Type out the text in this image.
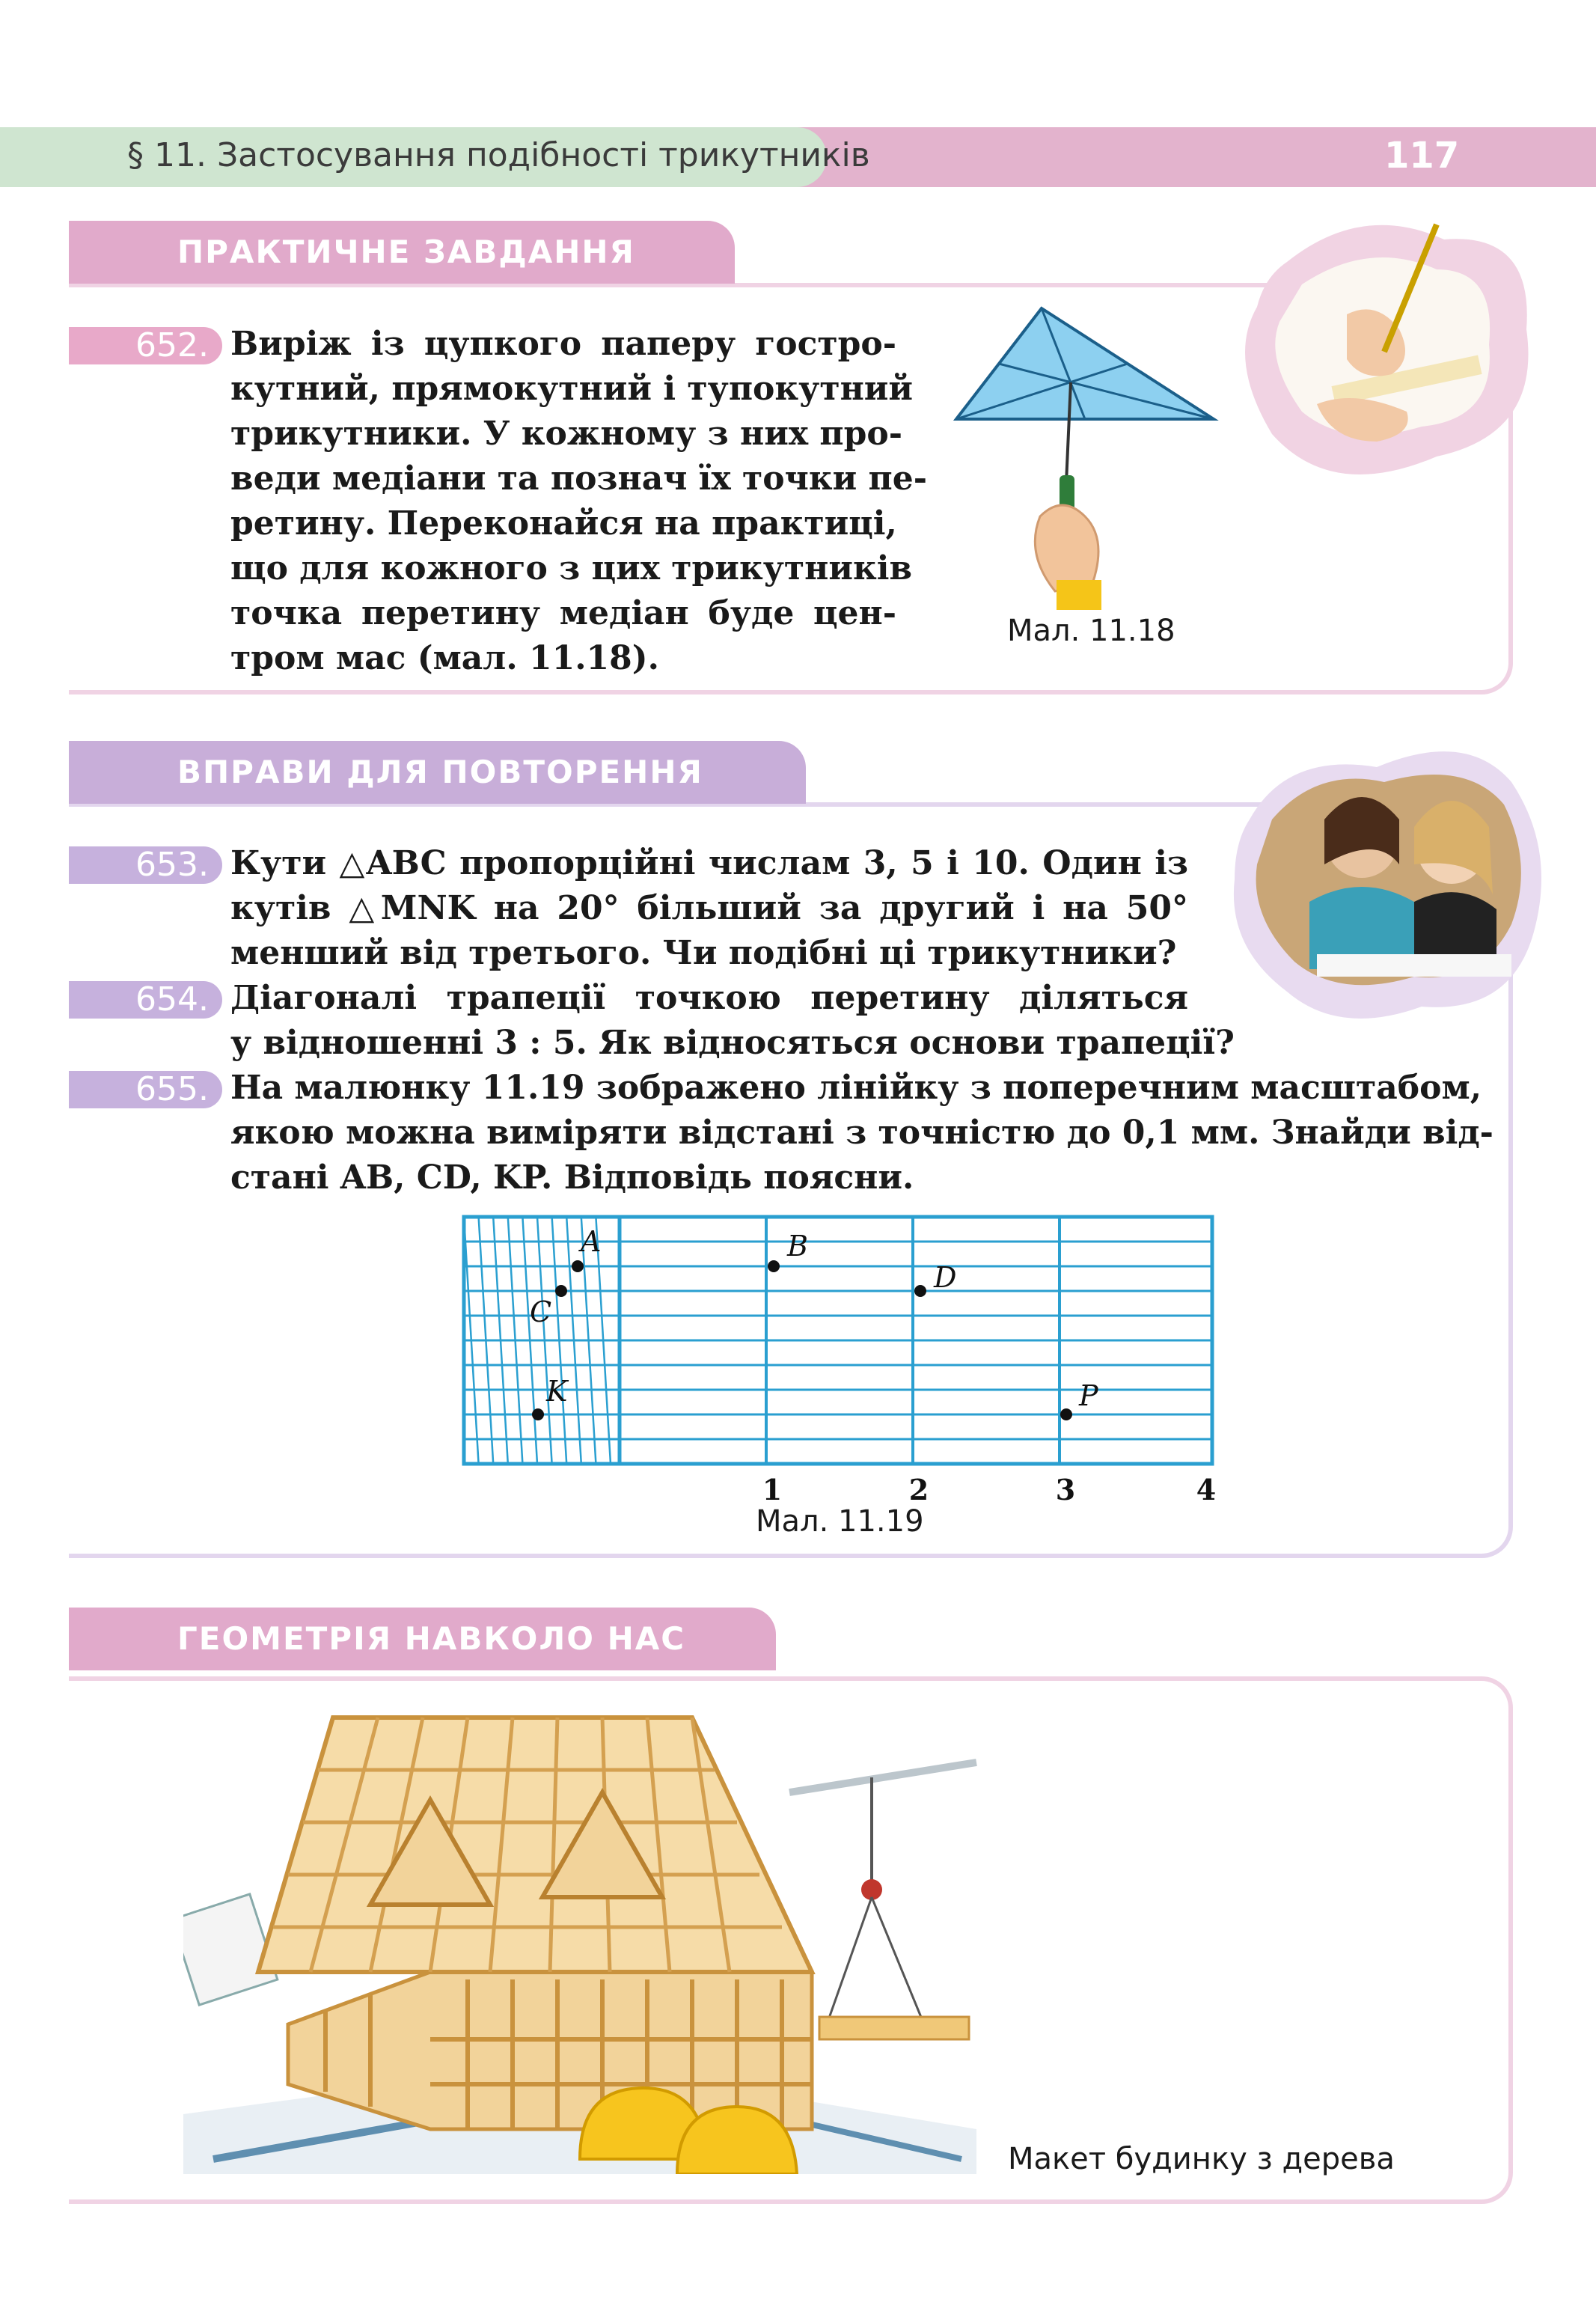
§ 11. Застосування подібності трикутників	117
ПРАКТИЧНЕ ЗАВДАННЯ
652. Виріж із цупкого паперу гостро-
кутний, прямокутний і тупокутний
трикутники. У кожному з них про-
веди медіани та познач їх точки пе-
ретину. Переконайся на практиці,
що для кожного з цих трикутників
точка перетину медіан буде цен-
тром мас (мал. 11.18).
Мал. 11.18
ВПРАВИ ДЛЯ ПОВТОРЕННЯ
653. Кути △ABC пропорційні числам 3, 5 і 10. Один із
кутів △MNK на 20° більший за другий і на 50°
менший від третього. Чи подібні ці трикутники?
654. Діагоналі трапеції точкою перетину діляться
у відношенні 3 : 5. Як відносяться основи трапеції?
655. На малюнку 11.19 зображено лінійку з поперечним масштабом,
якою можна виміряти відстані з точністю до 0,1 мм. Знайди від-
стані AB, CD, KP. Відповідь поясни.
A	B
C
D
K	P
1	2	3	4
Мал. 11.19
ГЕОМЕТРІЯ НАВКОЛО НАС
Макет будинку з дерева
